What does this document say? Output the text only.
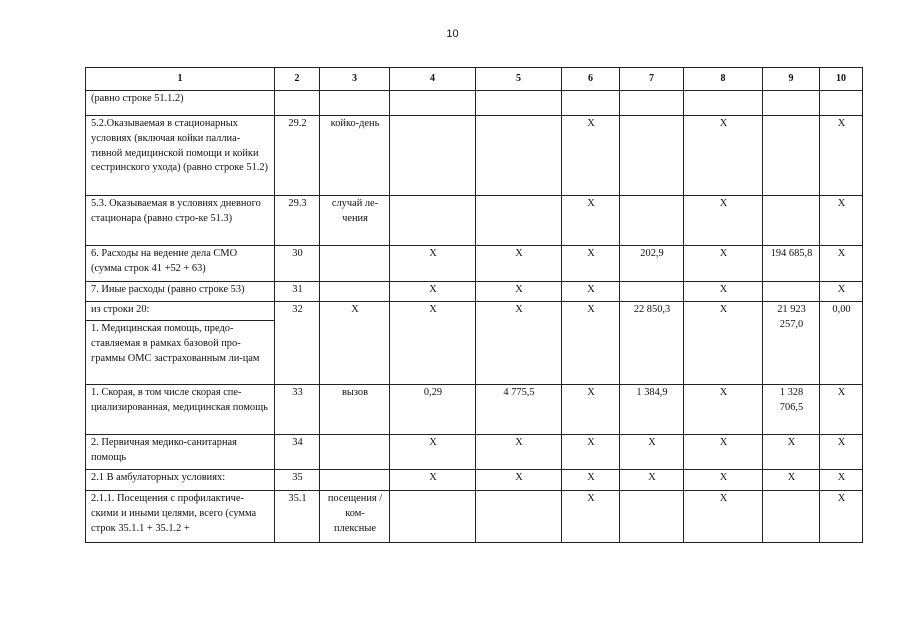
10
1	2	3	4	5	6	7	8	9	10
(равно строке 51.1.2)									
5.2.Оказываемая в стационарных условиях (включая койки паллиа-тивной медицинской помощи и койки сестринского ухода) (равно строке 51.2)	29.2	койко-день			X		X		X
5.3. Оказываемая в условиях дневного стационара (равно стро-ке 51.3)	29.3	случай ле-чения			X		X		X
6. Расходы на ведение дела СМО (сумма строк 41 +52 + 63)	30		X	X	X	202,9	X	194 685,8	X
7. Иные расходы (равно строке 53)	31		X	X	X		X		X
из строки 20:	32	X	X	X	X	22 850,3	X	21 923 257,0	0,00
1. Медицинская помощь, предо-ставляемая в рамках базовой про-граммы ОМС застрахованным ли-цам									
1. Скорая, в том числе скорая спе-циализированная, медицинская помощь	33	вызов	0,29	4 775,5	X	1 384,9	X	1 328 706,5	X
2. Первичная медико-санитарная помощь	34		X	X	X	X	X	X	X
2.1 В амбулаторных условиях:	35		X	X	X	X	X	X	X
2.1.1. Посещения с профилактиче-скими и иными целями, всего (сумма строк 35.1.1 + 35.1.2 +	35.1	посещения / ком-плексные			X		X		X
